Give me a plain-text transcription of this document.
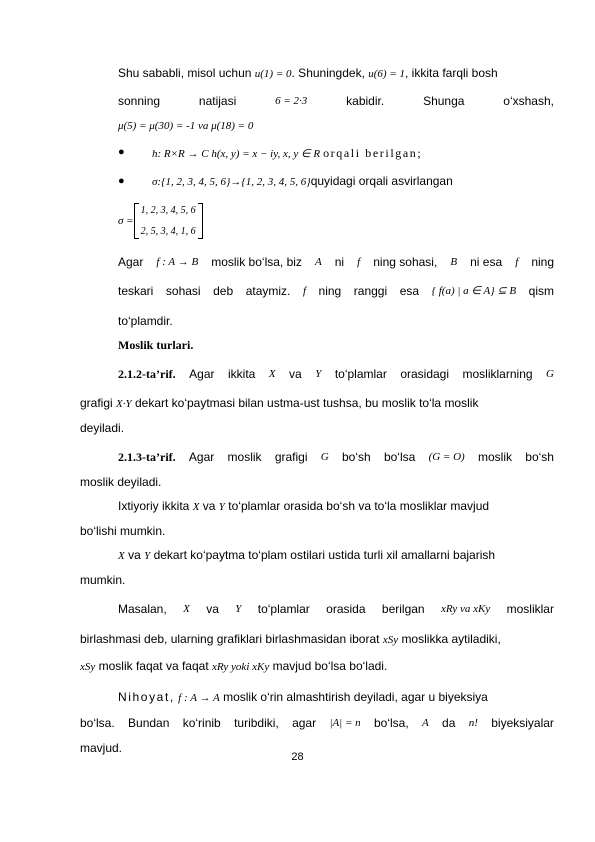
Shu sababli, misol uchun u(1) = 0. Shuningdek, u(6) = 1, ikkita farqli bosh
sonning	natijasi	6 = 2·3	kabidir.	Shunga	o‘xshash,
μ(5) = μ(30) = -1 va μ(18) = 0
● h: R×R → C h(x, y) = x − iy, x, y ∈ R orqali berilgan;
● σ:{1, 2, 3, 4, 5, 6}→{1, 2, 3, 4, 5, 6}quyidagi orqali asvirlangan
σ =
1, 2, 3, 4, 5, 6
2, 5, 3, 4, 1, 6
Agar f : A → B moslik bo‘lsa, biz A ni f ning sohasi, B ni esa f ning
teskari sohasi deb ataymiz. f ning ranggi esa { f(a) | a ∈ A} ⊆ B qism
to‘plamdir.
Moslik turlari.
2.1.2-ta’rif. Agar ikkita X va Y to‘plamlar orasidagi mosliklarning G
grafigi X·Y dekart ko‘paytmasi bilan ustma-ust tushsa, bu moslik to‘la moslik
deyiladi.
2.1.3-ta’rif. Agar moslik grafigi G bo‘sh bo‘lsa (G = O) moslik bo‘sh
moslik deyiladi.
Ixtiyoriy ikkita X va Y to‘plamlar orasida bo‘sh va to‘la mosliklar mavjud
bo‘lishi mumkin.
X va Y dekart ko‘paytma to‘plam ostilari ustida turli xil amallarni bajarish
mumkin.
Masalan, X va Y to‘plamlar orasida berilgan xRy va xKy mosliklar
birlashmasi deb, ularning grafiklari birlashmasidan iborat xSy moslikka aytiladiki,
xSy moslik faqat va faqat xRy yoki xKy mavjud bo‘lsa bo‘ladi.
Nihoyat, f : A → A moslik o‘rin almashtirish deyiladi, agar u biyeksiya
bo‘lsa. Bundan ko‘rinib turibdiki, agar |A| = n bo‘lsa, A da n! biyeksiyalar
mavjud.
28
